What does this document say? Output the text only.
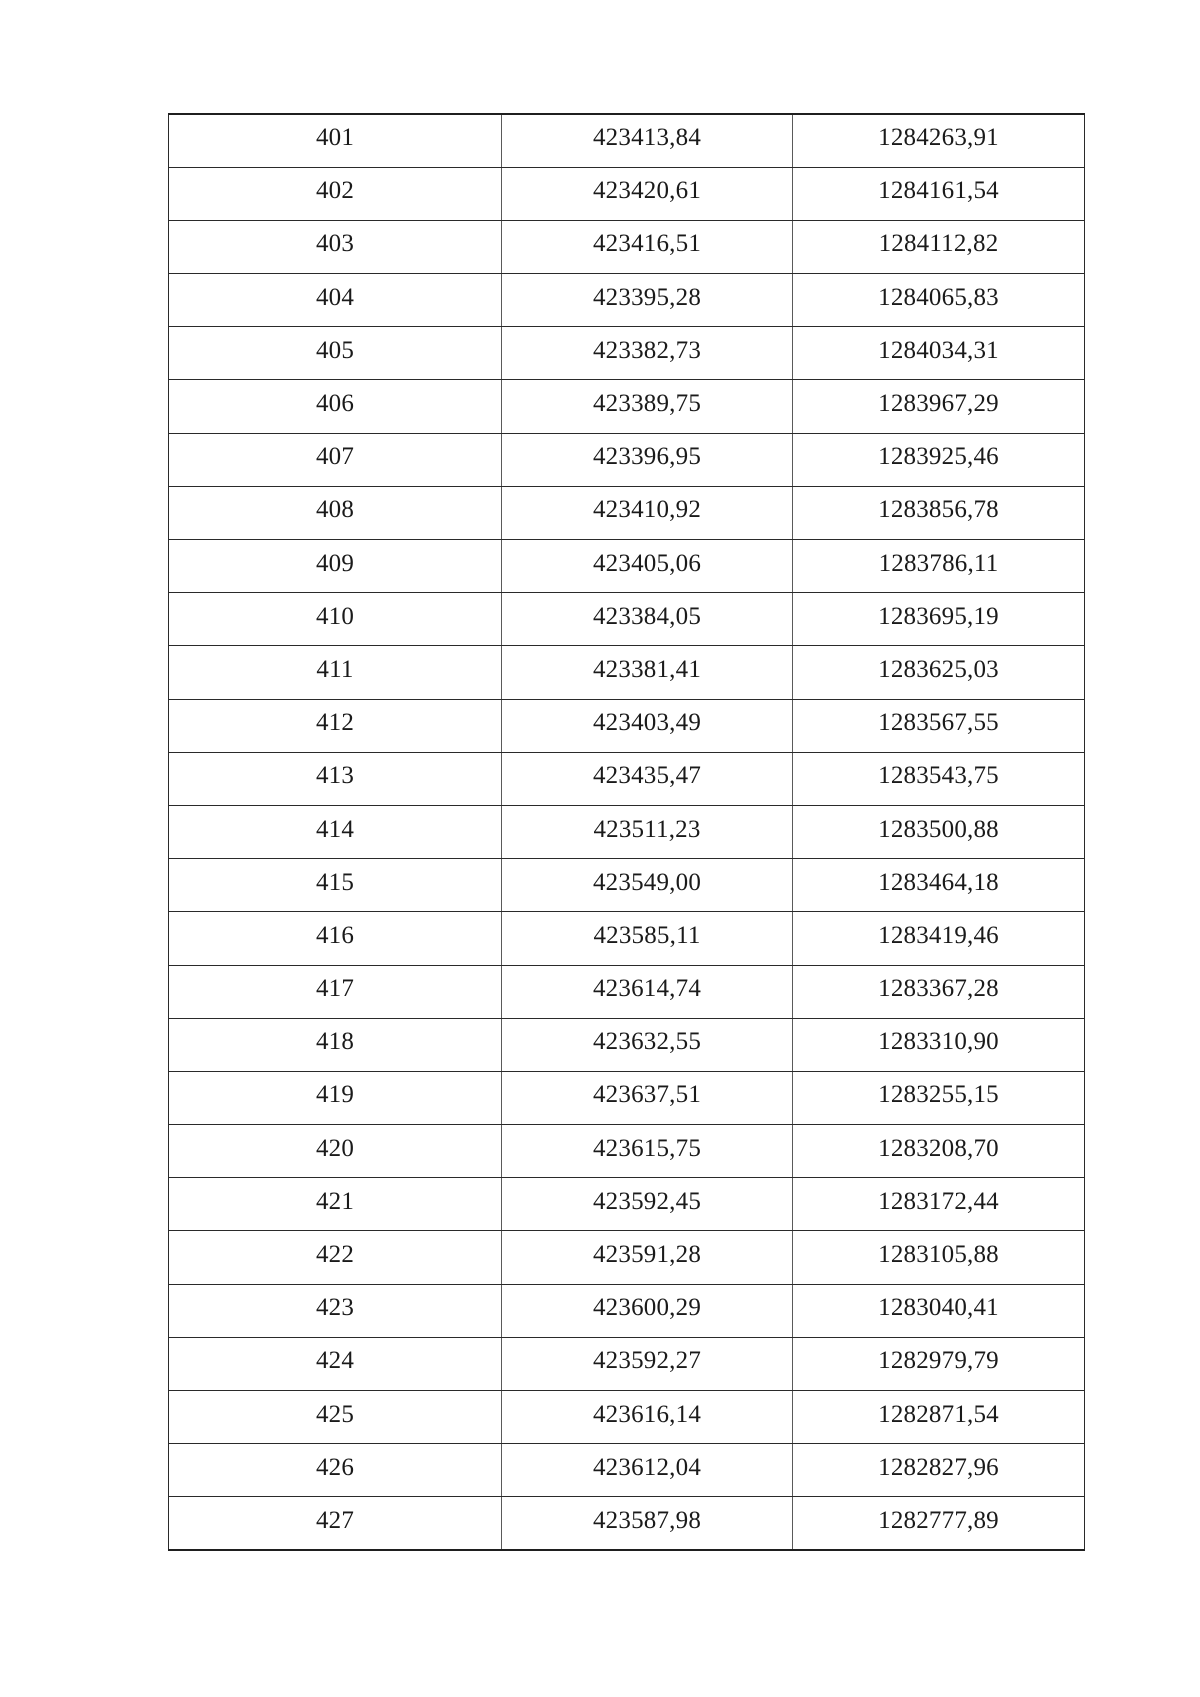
401	423413,84	1284263,91
402	423420,61	1284161,54
403	423416,51	1284112,82
404	423395,28	1284065,83
405	423382,73	1284034,31
406	423389,75	1283967,29
407	423396,95	1283925,46
408	423410,92	1283856,78
409	423405,06	1283786,11
410	423384,05	1283695,19
411	423381,41	1283625,03
412	423403,49	1283567,55
413	423435,47	1283543,75
414	423511,23	1283500,88
415	423549,00	1283464,18
416	423585,11	1283419,46
417	423614,74	1283367,28
418	423632,55	1283310,90
419	423637,51	1283255,15
420	423615,75	1283208,70
421	423592,45	1283172,44
422	423591,28	1283105,88
423	423600,29	1283040,41
424	423592,27	1282979,79
425	423616,14	1282871,54
426	423612,04	1282827,96
427	423587,98	1282777,89
